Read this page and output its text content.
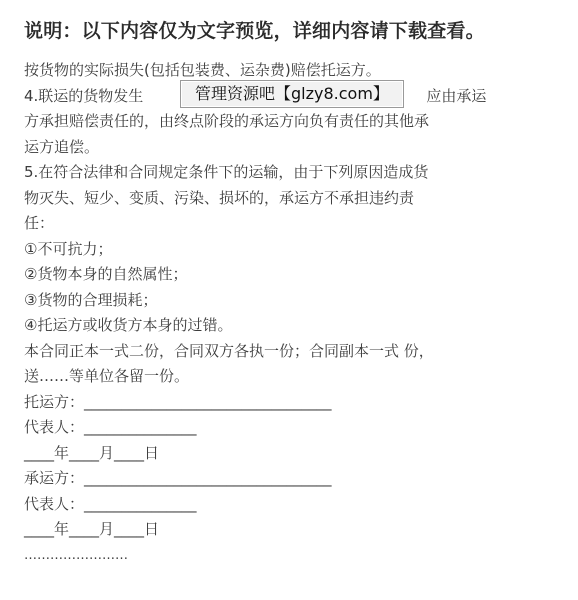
说明：以下内容仅为文字预览，详细内容请下载查看。
按货物的实际损失(包括包装费、运杂费)赔偿托运方。
4.联运的货物发生	应由承运
方承担赔偿责任的，由终点阶段的承运方向负有责任的其他承
运方追偿。
5.在符合法律和合同规定条件下的运输，由于下列原因造成货
物灭失、短少、变质、污染、损坏的，承运方不承担违约责
任：
①不可抗力；
②货物本身的自然属性；
③货物的合理损耗；
④托运方或收货方本身的过错。
本合同正本一式二份，合同双方各执一份；合同副本一式 份，
送……等单位各留一份。
托运方：_________________________________
代表人：_______________
____年____月____日
承运方：_________________________________
代表人：_______________
____年____月____日
……………………
管理资源吧【glzy8.com】
